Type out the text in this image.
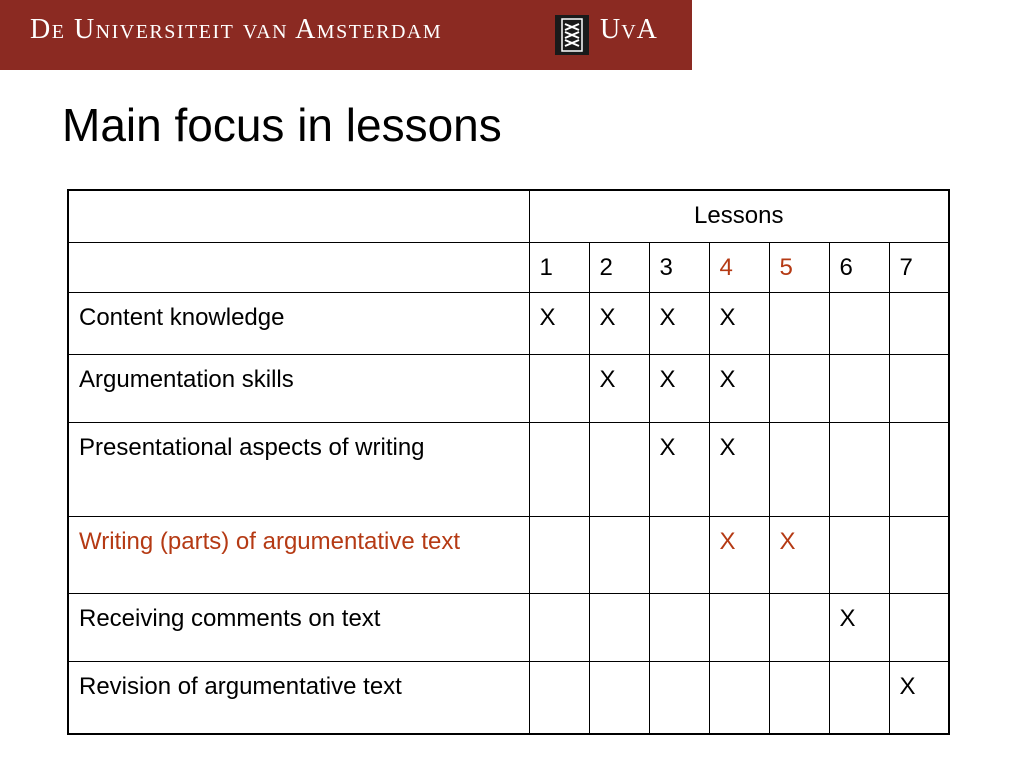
De Universiteit van Amsterdam	UvA
Main focus in lessons
	Lessons						
	1	2	3	4	5	6	7
Content knowledge	X	X	X	X			
Argumentation skills		X	X	X			
Presentational aspects of writing			X	X			
Writing (parts) of argumentative text				X	X		
Receiving comments on text						X	
Revision of argumentative text							X
